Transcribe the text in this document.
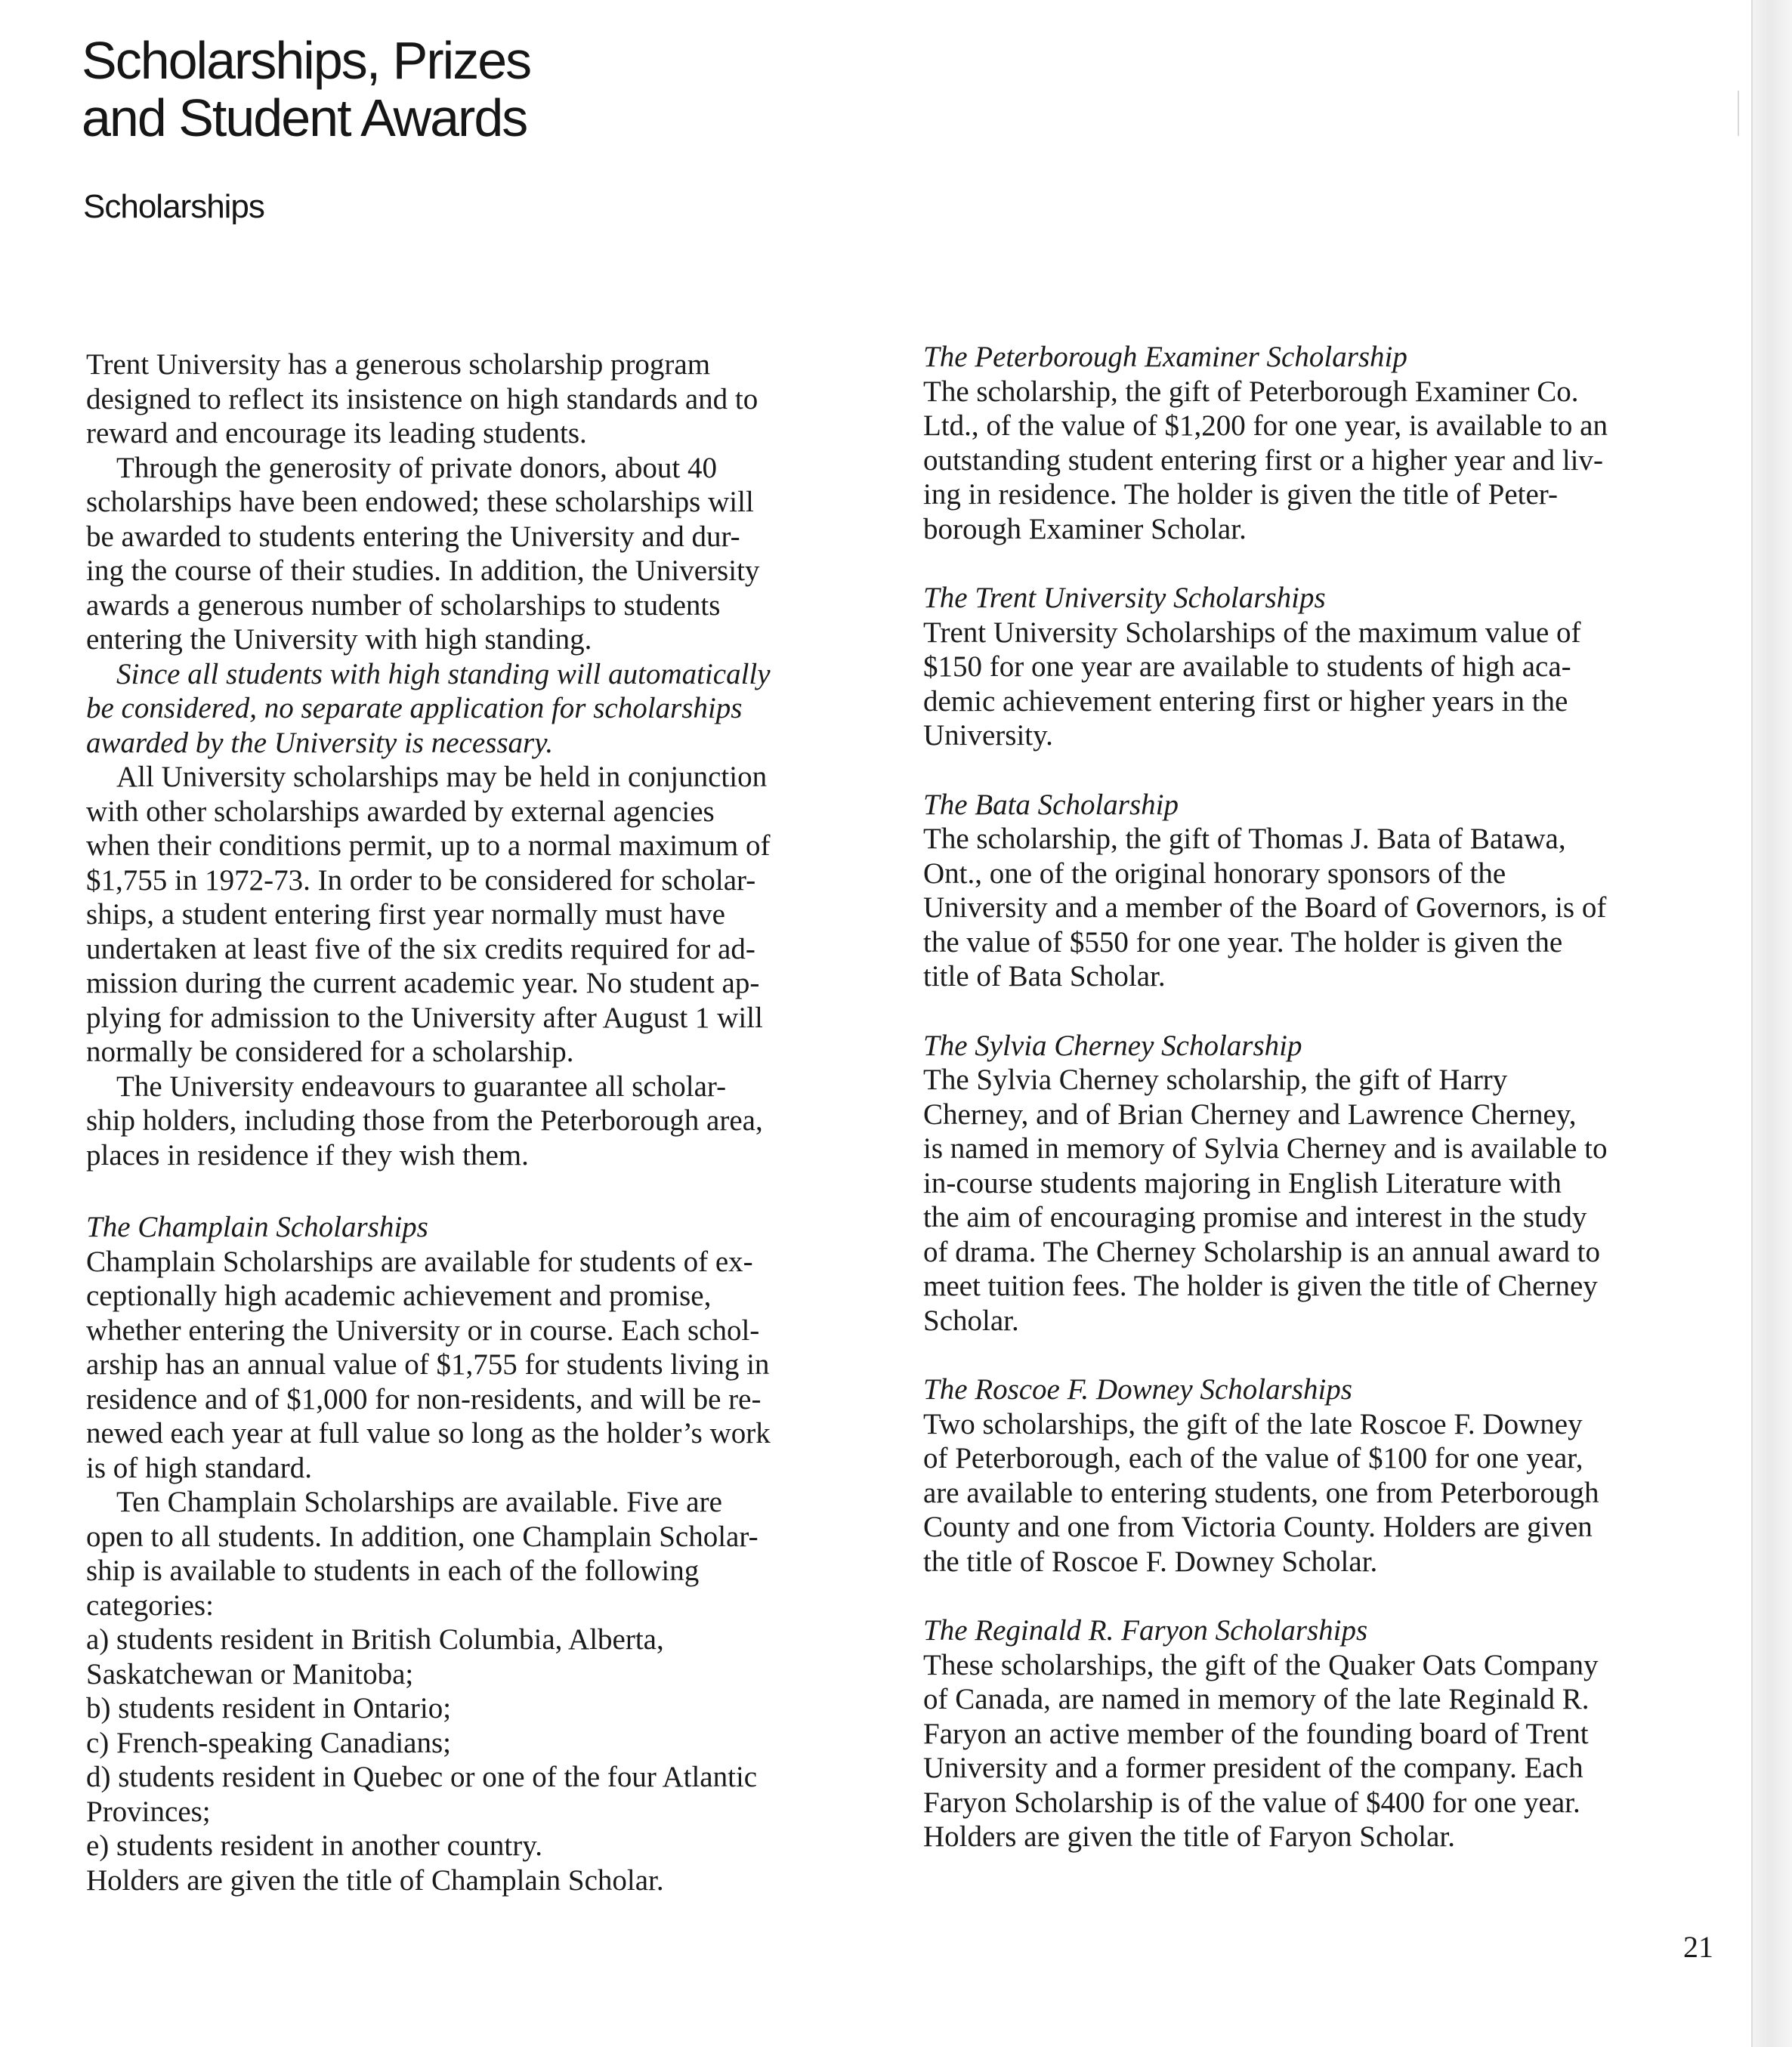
Scholarships, Prizes
and Student Awards
Scholarships
Trent University has a generous scholarship program
designed to reflect its insistence on high standards and to
reward and encourage its leading students.
Through the generosity of private donors, about 40
scholarships have been endowed; these scholarships will
be awarded to students entering the University and dur-
ing the course of their studies. In addition, the University
awards a generous number of scholarships to students
entering the University with high standing.
Since all students with high standing will automatically
be considered, no separate application for scholarships
awarded by the University is necessary.
All University scholarships may be held in conjunction
with other scholarships awarded by external agencies
when their conditions permit, up to a normal maximum of
$1,755 in 1972-73. In order to be considered for scholar-
ships, a student entering first year normally must have
undertaken at least five of the six credits required for ad-
mission during the current academic year. No student ap-
plying for admission to the University after August 1 will
normally be considered for a scholarship.
The University endeavours to guarantee all scholar-
ship holders, including those from the Peterborough area,
places in residence if they wish them.
The Champlain Scholarships
Champlain Scholarships are available for students of ex-
ceptionally high academic achievement and promise,
whether entering the University or in course. Each schol-
arship has an annual value of $1,755 for students living in
residence and of $1,000 for non-residents, and will be re-
newed each year at full value so long as the holder’s work
is of high standard.
Ten Champlain Scholarships are available. Five are
open to all students. In addition, one Champlain Scholar-
ship is available to students in each of the following
categories:
a) students resident in British Columbia, Alberta,
Saskatchewan or Manitoba;
b) students resident in Ontario;
c) French-speaking Canadians;
d) students resident in Quebec or one of the four Atlantic
Provinces;
e) students resident in another country.
Holders are given the title of Champlain Scholar.
The Peterborough Examiner Scholarship
The scholarship, the gift of Peterborough Examiner Co.
Ltd., of the value of $1,200 for one year, is available to an
outstanding student entering first or a higher year and liv-
ing in residence. The holder is given the title of Peter-
borough Examiner Scholar.
The Trent University Scholarships
Trent University Scholarships of the maximum value of
$150 for one year are available to students of high aca-
demic achievement entering first or higher years in the
University.
The Bata Scholarship
The scholarship, the gift of Thomas J. Bata of Batawa,
Ont., one of the original honorary sponsors of the
University and a member of the Board of Governors, is of
the value of $550 for one year. The holder is given the
title of Bata Scholar.
The Sylvia Cherney Scholarship
The Sylvia Cherney scholarship, the gift of Harry
Cherney, and of Brian Cherney and Lawrence Cherney,
is named in memory of Sylvia Cherney and is available to
in-course students majoring in English Literature with
the aim of encouraging promise and interest in the study
of drama. The Cherney Scholarship is an annual award to
meet tuition fees. The holder is given the title of Cherney
Scholar.
The Roscoe F. Downey Scholarships
Two scholarships, the gift of the late Roscoe F. Downey
of Peterborough, each of the value of $100 for one year,
are available to entering students, one from Peterborough
County and one from Victoria County. Holders are given
the title of Roscoe F. Downey Scholar.
The Reginald R. Faryon Scholarships
These scholarships, the gift of the Quaker Oats Company
of Canada, are named in memory of the late Reginald R.
Faryon an active member of the founding board of Trent
University and a former president of the company. Each
Faryon Scholarship is of the value of $400 for one year.
Holders are given the title of Faryon Scholar.
21
